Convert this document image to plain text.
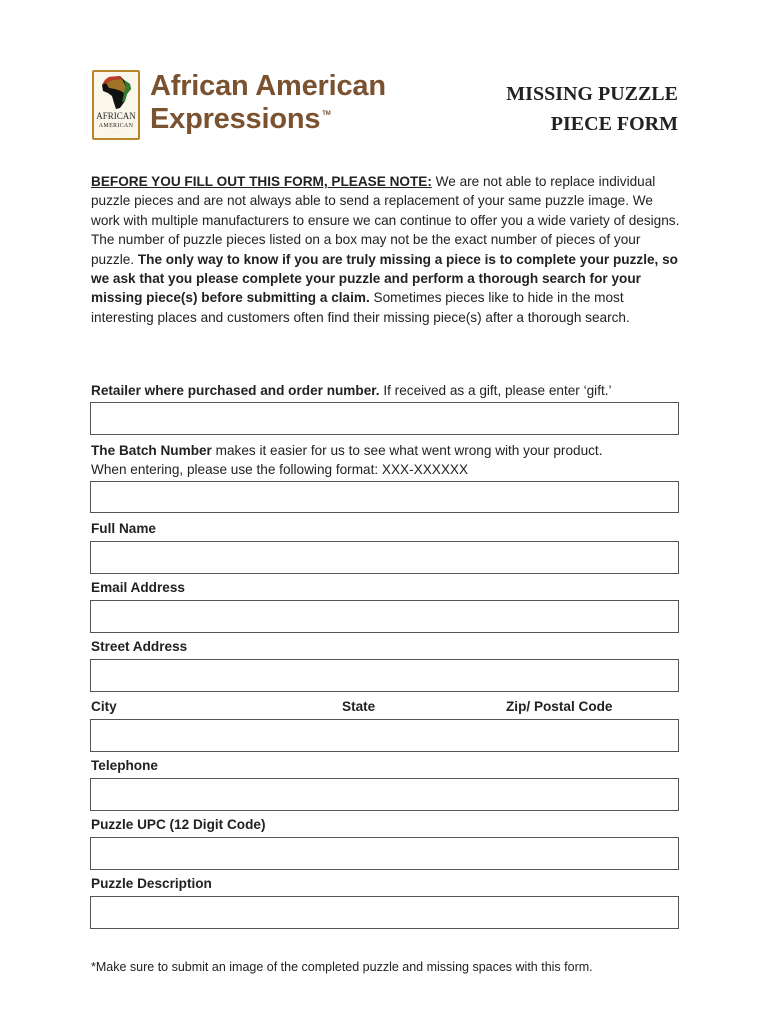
AFRICAN
AMERICAN
·····
African American
Expressions ™
MISSING PUZZLE
PIECE FORM
BEFORE YOU FILL OUT THIS FORM, PLEASE NOTE: We are not able to replace individual puzzle pieces and are not always able to send a replacement of your same puzzle image. We work with multiple manufacturers to ensure we can continue to offer you a wide variety of designs. The number of puzzle pieces listed on a box may not be the exact number of pieces of your puzzle. The only way to know if you are truly missing a piece is to complete your puzzle, so we ask that you please complete your puzzle and perform a thorough search for your missing piece(s) before submitting a claim. Sometimes pieces like to hide in the most interesting places and customers often find their missing piece(s) after a thorough search.
Retailer where purchased and order number. If received as a gift, please enter ‘gift.’
The Batch Number makes it easier for us to see what went wrong with your product.
When entering, please use the following format: XXX-XXXXXX
Full Name
Email Address
Street Address
City	State	Zip/ Postal Code
Telephone
Puzzle UPC (12 Digit Code)
Puzzle Description
*Make sure to submit an image of the completed puzzle and missing spaces with this form.
